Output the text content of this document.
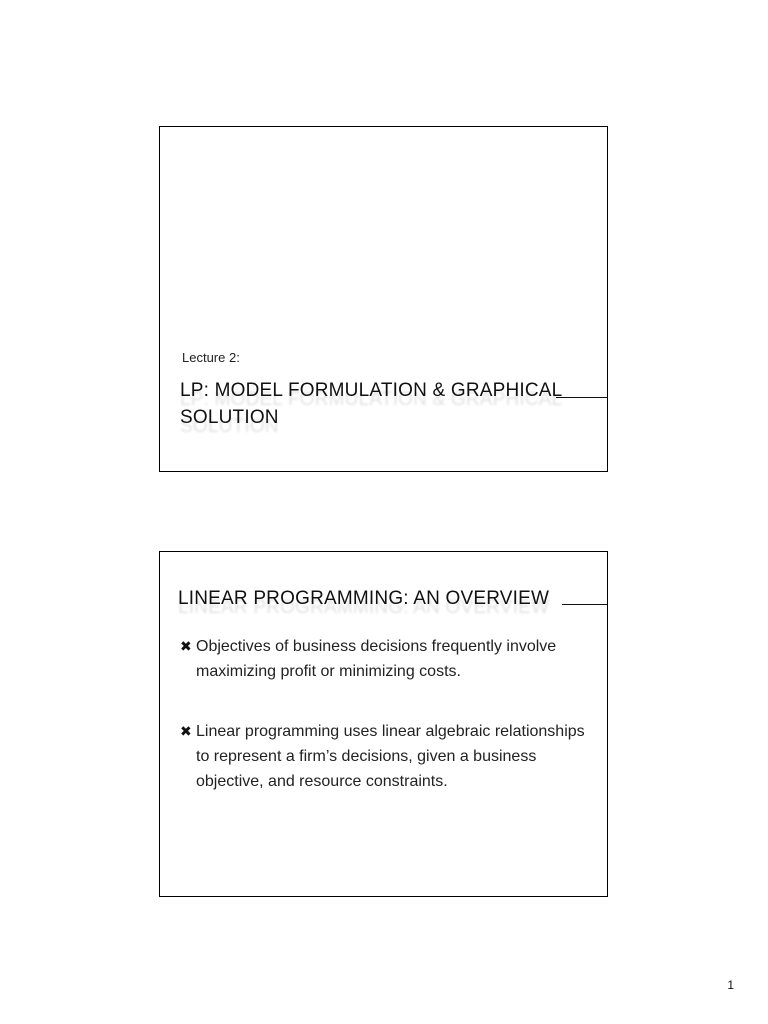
Lecture 2:
LP: MODEL FORMULATION & GRAPHICAL SOLUTION
LINEAR PROGRAMMING: AN OVERVIEW
✖ Objectives of business decisions frequently involve maximizing profit or minimizing costs.
✖ Linear programming uses linear algebraic relationships to represent a firm’s decisions, given a business objective, and resource constraints.
1
